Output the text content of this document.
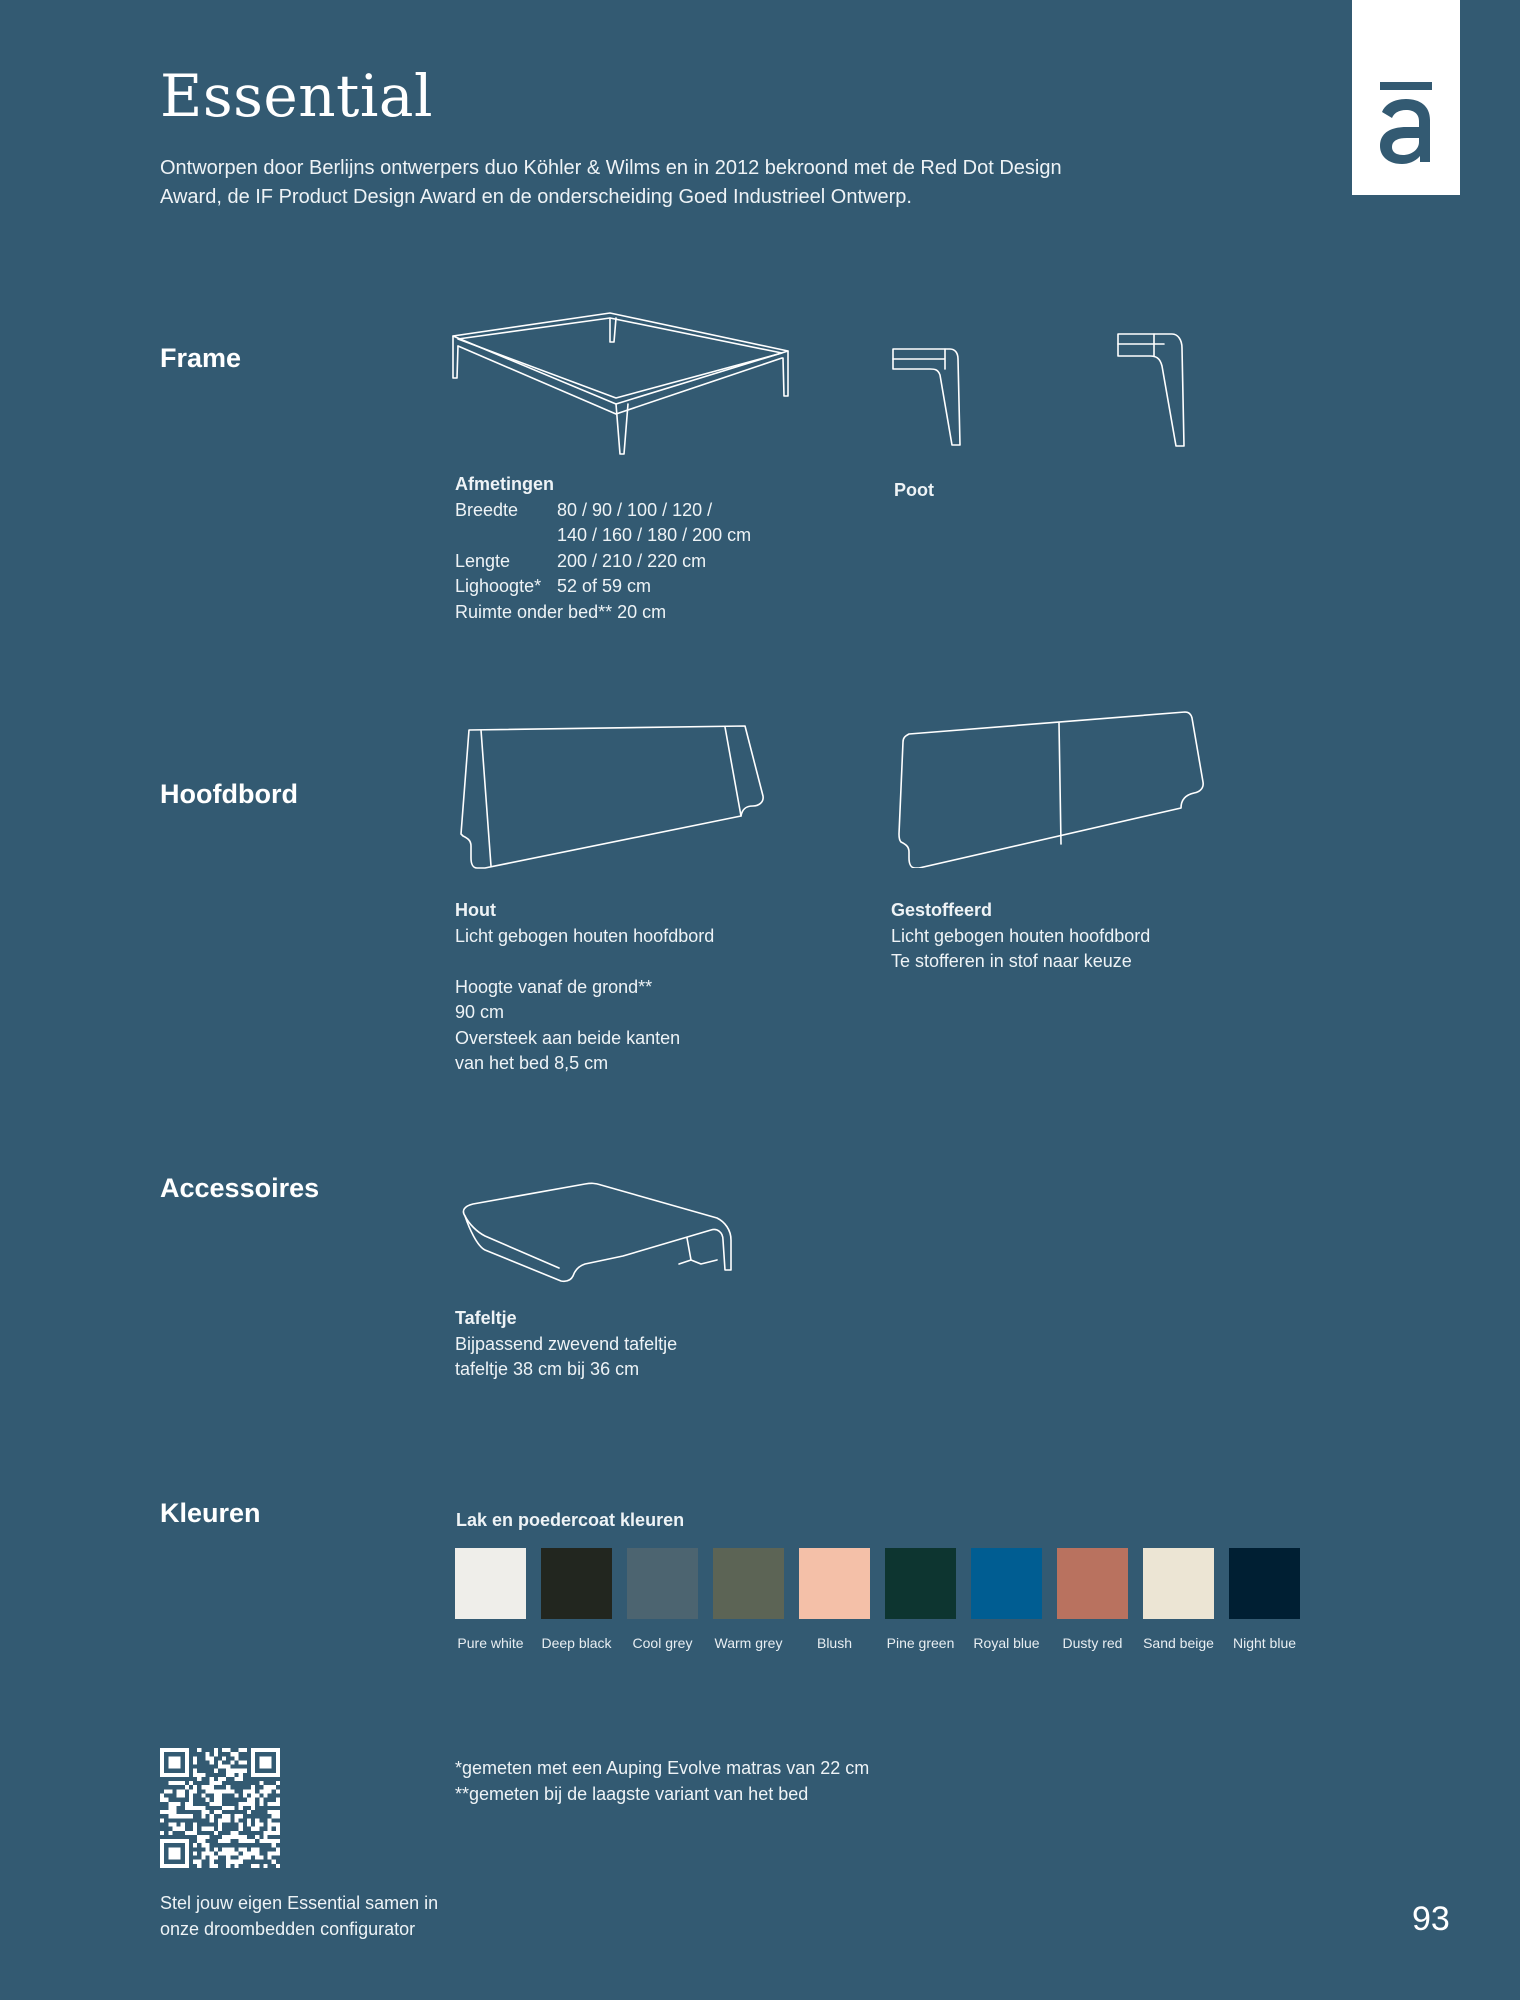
Essential
Ontworpen door Berlijns ontwerpers duo Köhler & Wilms en in 2012 bekroond met de Red Dot Design Award, de IF Product Design Award en de onderscheiding Goed Industrieel Ontwerp.
Frame
Afmetingen
Breedte	80 / 90 / 100 / 120 /
	140 / 160 / 180 / 200 cm
Lengte	200 / 210 / 220 cm
Lighoogte*	52 of 59 cm
Ruimte onder bed** 20 cm
Poot
Hoofdbord
Hout
Licht gebogen houten hoofdbord
Hoogte vanaf de grond**
90 cm
Oversteek aan beide kanten
van het bed 8,5 cm
Gestoffeerd
Licht gebogen houten hoofdbord
Te stofferen in stof naar keuze
Accessoires
Tafeltje
Bijpassend zwevend tafeltje
tafeltje 38 cm bij 36 cm
Kleuren	Lak en poedercoat kleuren
Pure white Deep black Cool grey Warm grey Blush Pine green Royal blue Dusty red Sand beige Night blue
*gemeten met een Auping Evolve matras van 22 cm
**gemeten bij de laagste variant van het bed
Stel jouw eigen Essential samen in
onze droombedden configurator	93
